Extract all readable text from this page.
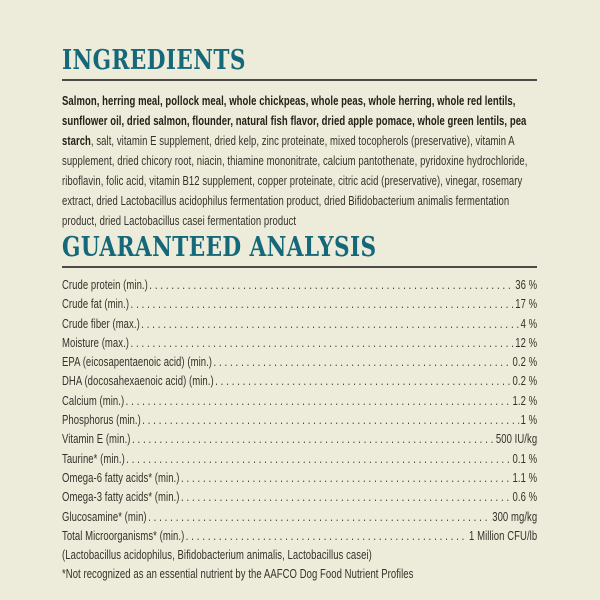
INGREDIENTS

Salmon, herring meal, pollock meal, whole chickpeas, whole peas, whole herring, whole red lentils, sunflower oil, dried salmon, flounder, natural fish flavor, dried apple pomace, whole green lentils, pea starch, salt, vitamin E supplement, dried kelp, zinc proteinate, mixed tocopherols (preservative), vitamin A supplement, dried chicory root, niacin, thiamine mononitrate, calcium pantothenate, pyridoxine hydrochloride, riboflavin, folic acid, vitamin B12 supplement, copper proteinate, citric acid (preservative), vinegar, rosemary extract, dried Lactobacillus acidophilus fermentation product, dried Bifidobacterium animalis fermentation product, dried Lactobacillus casei fermentation product

GUARANTEED ANALYSIS
Crude protein (min.) .....	36 %
Crude fat (min.) .....	17 %
Crude fiber (max.) .....	4 %
Moisture (max.) .....	12 %
EPA (eicosapentaenoic acid) (min.) .....	0.2 %
DHA (docosahexaenoic acid) (min.) .....	0.2 %
Calcium (min.) .....	1.2 %
Phosphorus (min.) .....	1 %
Vitamin E (min.) .....	500 IU/kg
Taurine* (min.) .....	0.1 %
Omega-6 fatty acids* (min.) .....	1.1 %
Omega-3 fatty acids* (min.) .....	0.6 %
Glucosamine* (min) .....	300 mg/kg
Total Microorganisms* (min.) .....	1 Million CFU/lb

(Lactobacillus acidophilus, Bifidobacterium animalis, Lactobacillus casei)

*Not recognized as an essential nutrient by the AAFCO Dog Food Nutrient Profiles
